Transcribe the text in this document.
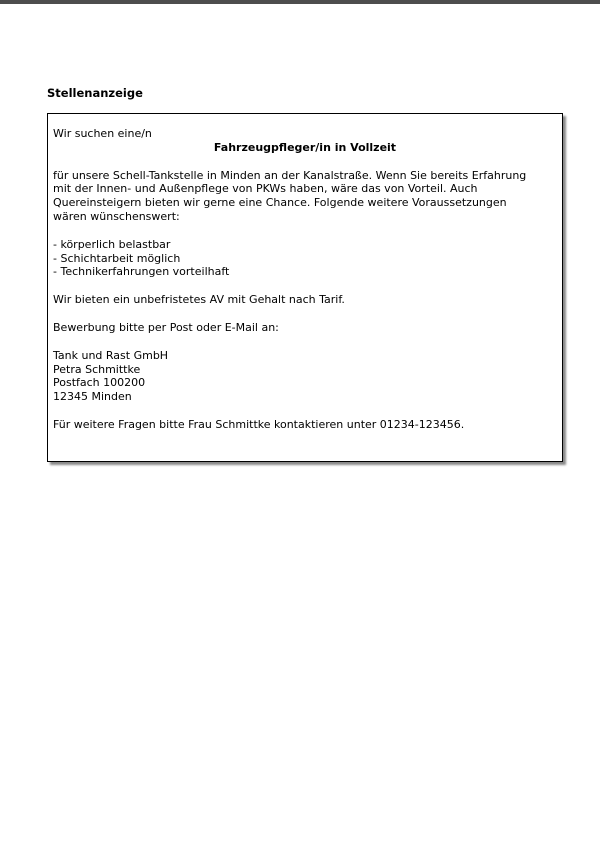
Stellenanzeige

Wir suchen eine/n

Fahrzeugpfleger/in in Vollzeit

für unsere Schell-Tankstelle in Minden an der Kanalstraße. Wenn Sie bereits Erfahrung
mit der Innen- und Außenpflege von PKWs haben, wäre das von Vorteil. Auch
Quereinsteigern bieten wir gerne eine Chance. Folgende weitere Voraussetzungen
wären wünschenswert:

- körperlich belastbar
- Schichtarbeit möglich
- Technikerfahrungen vorteilhaft

Wir bieten ein unbefristetes AV mit Gehalt nach Tarif.

Bewerbung bitte per Post oder E-Mail an:

Tank und Rast GmbH
Petra Schmittke
Postfach 100200
12345 Minden

Für weitere Fragen bitte Frau Schmittke kontaktieren unter 01234-123456.
